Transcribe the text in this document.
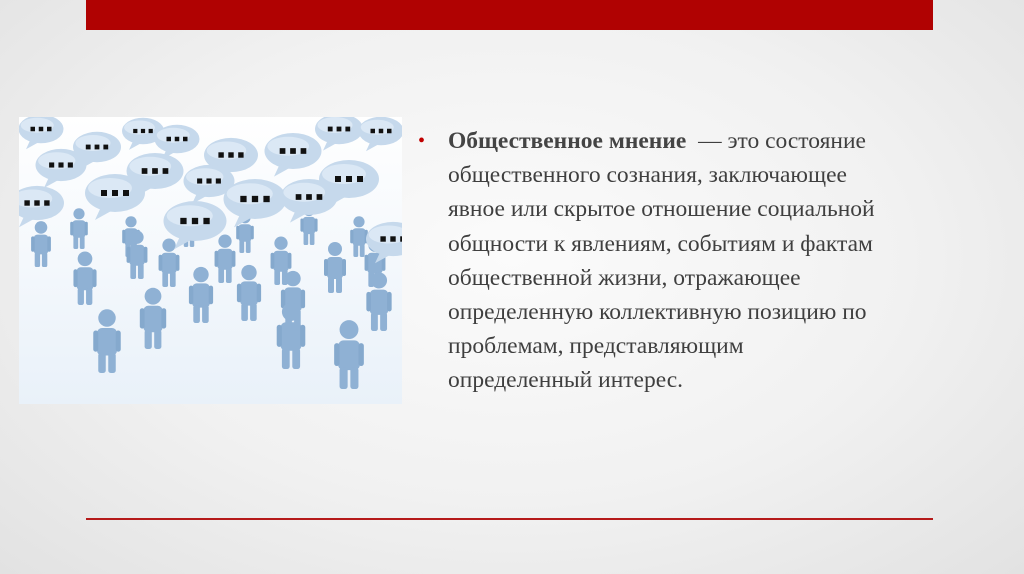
• Общественное мнение  — это состояние
общественного сознания, заключающее
явное или скрытое отношение социальной
общности к явлениям, событиям и фактам
общественной жизни, отражающее
определенную коллективную позицию по
проблемам, представляющим
определенный интерес.
